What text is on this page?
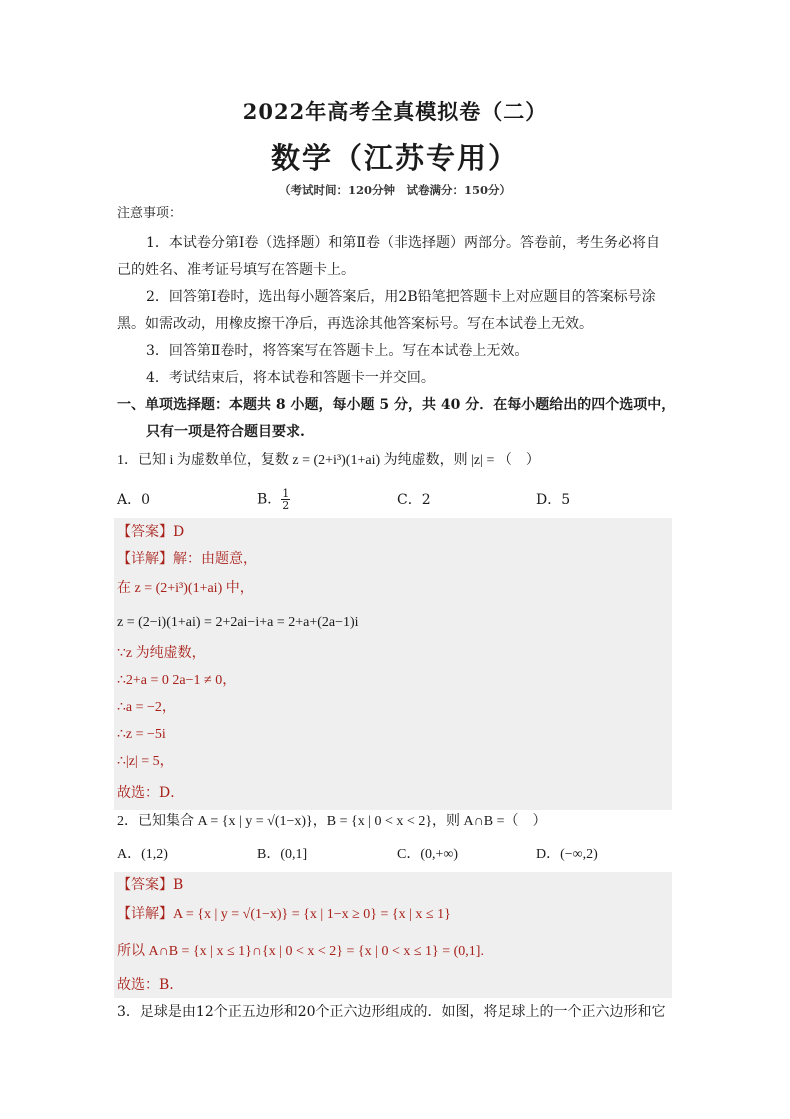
2022年高考全真模拟卷（二）
数学（江苏专用）
（考试时间：120分钟　试卷满分：150分）
注意事项：
1．本试卷分第Ⅰ卷（选择题）和第Ⅱ卷（非选择题）两部分。答卷前，考生务必将自
己的姓名、准考证号填写在答题卡上。
2．回答第Ⅰ卷时，选出每小题答案后，用2B铅笔把答题卡上对应题目的答案标号涂
黑。如需改动，用橡皮擦干净后，再选涂其他答案标号。写在本试卷上无效。
3．回答第Ⅱ卷时，将答案写在答题卡上。写在本试卷上无效。
4．考试结束后，将本试卷和答题卡一并交回。
一、单项选择题：本题共 8 小题，每小题 5 分，共 40 分．在每小题给出的四个选项中，
只有一项是符合题目要求.
1．已知 i 为虚数单位，复数 z = (2+i³)(1+ai) 为纯虚数，则 |z| = （　）
A．0	B． $\frac{1}{2}$	C．2	D．5
【答案】D
【详解】解：由题意，
在 z = (2+i³)(1+ai) 中，
z = (2−i)(1+ai) = 2+2ai−i+a = 2+a+(2a−1)i
∵z 为纯虚数，
∴2+a = 0 2a−1 ≠ 0，
∴a = −2，
∴z = −5i
∴|z| = 5，
故选：D．
2．已知集合 A = {x | y = √(1−x)}，B = {x | 0 < x < 2}，则 A∩B =（　）
A．(1,2)	B．(0,1]	C．(0,+∞)	D．(−∞,2)
【答案】B
【详解】A = {x | y = √(1−x)} = {x | 1−x ≥ 0} = {x | x ≤ 1}
所以 A∩B = {x | x ≤ 1}∩{x | 0 < x < 2} = {x | 0 < x ≤ 1} = (0,1].
故选：B.
3．足球是由12个正五边形和20个正六边形组成的．如图，将足球上的一个正六边形和它
